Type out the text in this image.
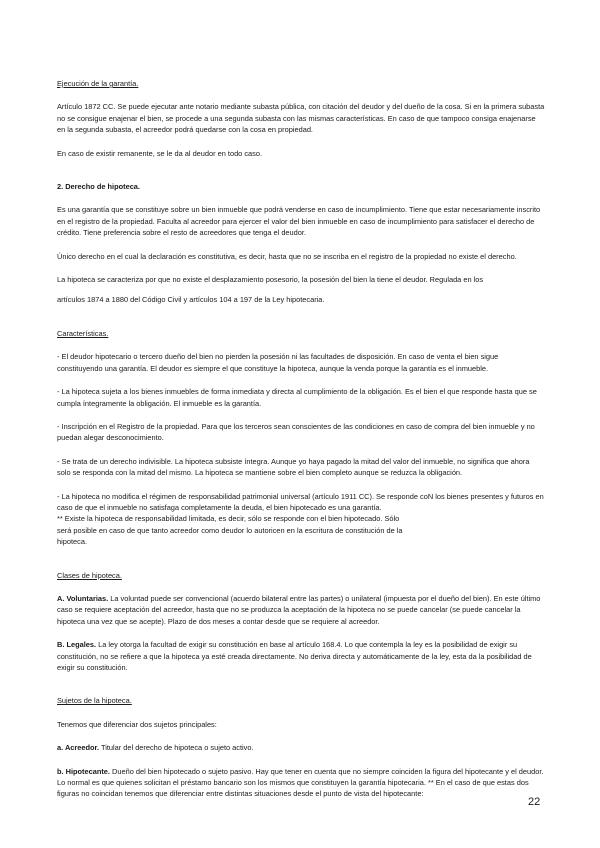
Ejecución de la garantía.

Artículo 1872 CC. Se puede ejecutar ante notario mediante subasta pública, con citación del deudor y del dueño de la cosa. Si en la primera subasta no se consigue enajenar el bien, se procede a una segunda subasta con las mismas características. En caso de que tampoco consiga enajenarse en la segunda subasta, el acreedor podrá quedarse con la cosa en propiedad.

En caso de existir remanente, se le da al deudor en todo caso.

2. Derecho de hipoteca.

Es una garantía que se constituye sobre un bien inmueble que podrá venderse en caso de incumplimiento. Tiene que estar necesariamente inscrito en el registro de la propiedad. Faculta al acreedor para ejercer el valor del bien inmueble en caso de incumplimiento para satisfacer el derecho de crédito. Tiene preferencia sobre el resto de acreedores que tenga el deudor.

Único derecho en el cual la declaración es constitutiva, es decir, hasta que no se inscriba en el registro de la propiedad no existe el derecho.

La hipoteca se caracteriza por que no existe el desplazamiento posesorio, la posesión del bien la tiene el deudor. Regulada en los

artículos 1874 a 1880 del Código Civil y artículos 104 a 197 de la Ley hipotecaria.

Características.

- El deudor hipotecario o tercero dueño del bien no pierden la posesión ni las facultades de disposición. En caso de venta el bien sigue constituyendo una garantía. El deudor es siempre el que constituye la hipoteca, aunque la venda porque la garantía es el inmueble.

- La hipoteca sujeta a los bienes inmuebles de forma inmediata y directa al cumplimiento de la obligación. Es el bien el que responde hasta que se cumpla íntegramente la obligación. El inmueble es la garantía.

- Inscripción en el Registro de la propiedad. Para que los terceros sean conscientes de las condiciones en caso de compra del bien inmueble y no puedan alegar desconocimiento.

- Se trata de un derecho indivisible. La hipoteca subsiste íntegra. Aunque yo haya pagado la mitad del valor del inmueble, no significa que ahora solo se responda con la mitad del mismo. La hipoteca se mantiene sobre el bien completo aunque se reduzca la obligación.

- La hipoteca no modifica el régimen de responsabilidad patrimonial universal (artículo 1911 CC). Se responde coN los bienes presentes y futuros en caso de que el inmueble no satisfaga completamente la deuda, el bien hipotecado es una garantía.

** Existe la hipoteca de responsabilidad limitada, es decir, sólo se responde con el bien hipotecado. Sólo

será posible en caso de que tanto acreedor como deudor lo autoricen en la escritura de constitución de la

hipoteca.

Clases de hipoteca.

A. Voluntarias. La voluntad puede ser convencional (acuerdo bilateral entre las partes) o unilateral (impuesta por el dueño del bien). En este último caso se requiere aceptación del acreedor, hasta que no se produzca la aceptación de la hipoteca no se puede cancelar (se puede cancelar la hipoteca una vez que se acepte). Plazo de dos meses a contar desde que se requiere al acreedor.

B. Legales. La ley otorga la facultad de exigir su constitución en base al artículo 168.4. Lo que contempla la ley es la posibilidad de exigir su constitución, no se refiere a que la hipoteca ya esté creada directamente. No deriva directa y automáticamente de la ley, esta da la posibilidad de exigir su constitución.

Sujetos de la hipoteca.

Tenemos que diferenciar dos sujetos principales:

a. Acreedor. Titular del derecho de hipoteca o sujeto activo.

b. Hipotecante. Dueño del bien hipotecado o sujeto pasivo. Hay que tener en cuenta que no siempre coinciden la figura del hipotecante y el deudor. Lo normal es que quienes solicitan el préstamo bancario son los mismos que constituyen la garantía hipotecaria. ** En el caso de que estas dos figuras no coincidan tenemos que diferenciar entre distintas situaciones desde el punto de vista del hipotecante:

22
